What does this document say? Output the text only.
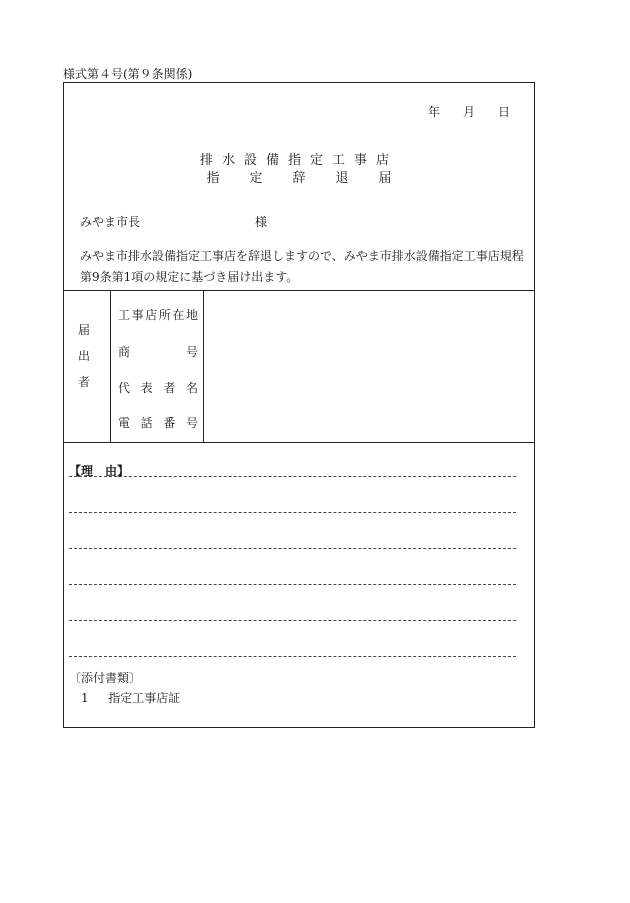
様式第４号(第９条関係)
年 月 日
排水設備指定工事店
指 定 辞 退 届
みやま市長	様
みやま市排水設備指定工事店を辞退しますので、みやま市排水設備指定工事店規程第9条第1項の規定に基づき届け出ます。
届出者
工 事 店 所 在 地
商	号
代 表 者 名
電 話 番 号
【理　由】
〔添付書類〕
1 指定工事店証
